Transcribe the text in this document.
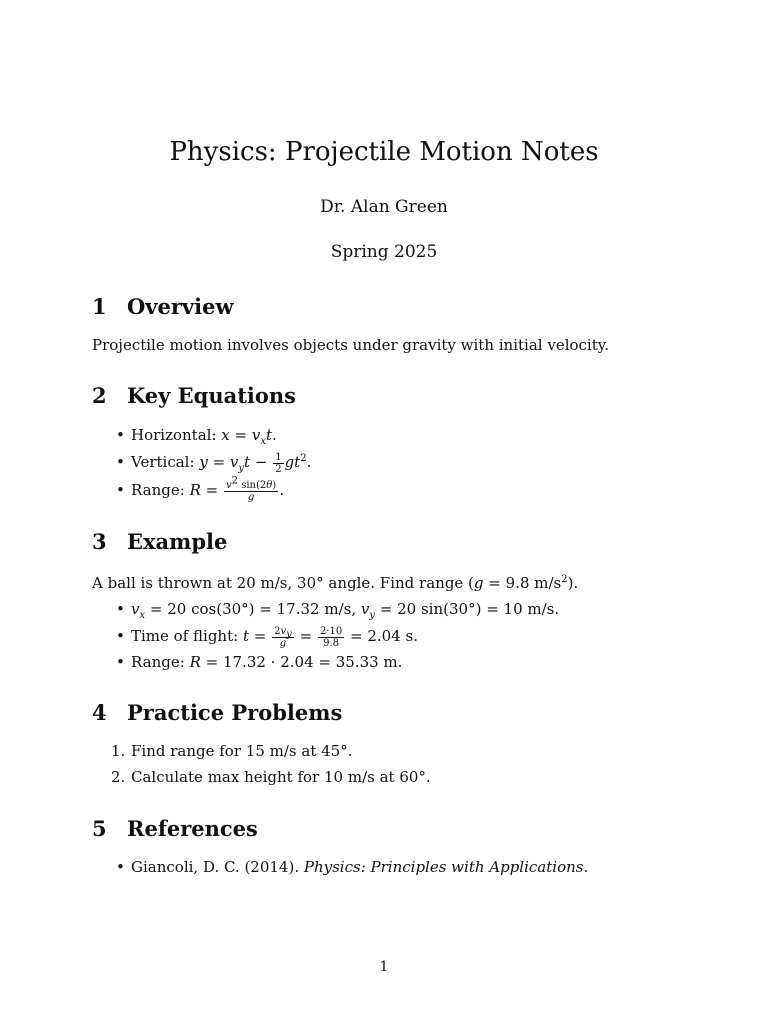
Physics: Projectile Motion Notes
Dr. Alan Green
Spring 2025
1 Overview
Projectile motion involves objects under gravity with initial velocity.
2 Key Equations
• Horizontal: $x = v_xt$.
• Vertical: $y = v_yt - \frac{1}{2} gt^2$.
• Range: $R = \frac{v^2 \sin(2\theta)}{g}$ .
3 Example
A ball is thrown at 20 m/s, 30° angle. Find range (g = 9.8 $m/s^2$).
• $v_x = 20$ cos(30°) = 17.32 m/s, $v_y = 20$ sin(30°) = 10 m/s.
• Time of flight: $t = \frac{2v_y}{g} = \frac{2\cdot 10}{9.8} = 2.04$ s.
• Range: R = 17.32 · 2.04 = 35.33 m.
4 Practice Problems
1. Find range for 15 m/s at 45°.
2. Calculate max height for 10 m/s at 60°.
5 References
• Giancoli, D. C. (2014). Physics: Principles with Applications.
1
